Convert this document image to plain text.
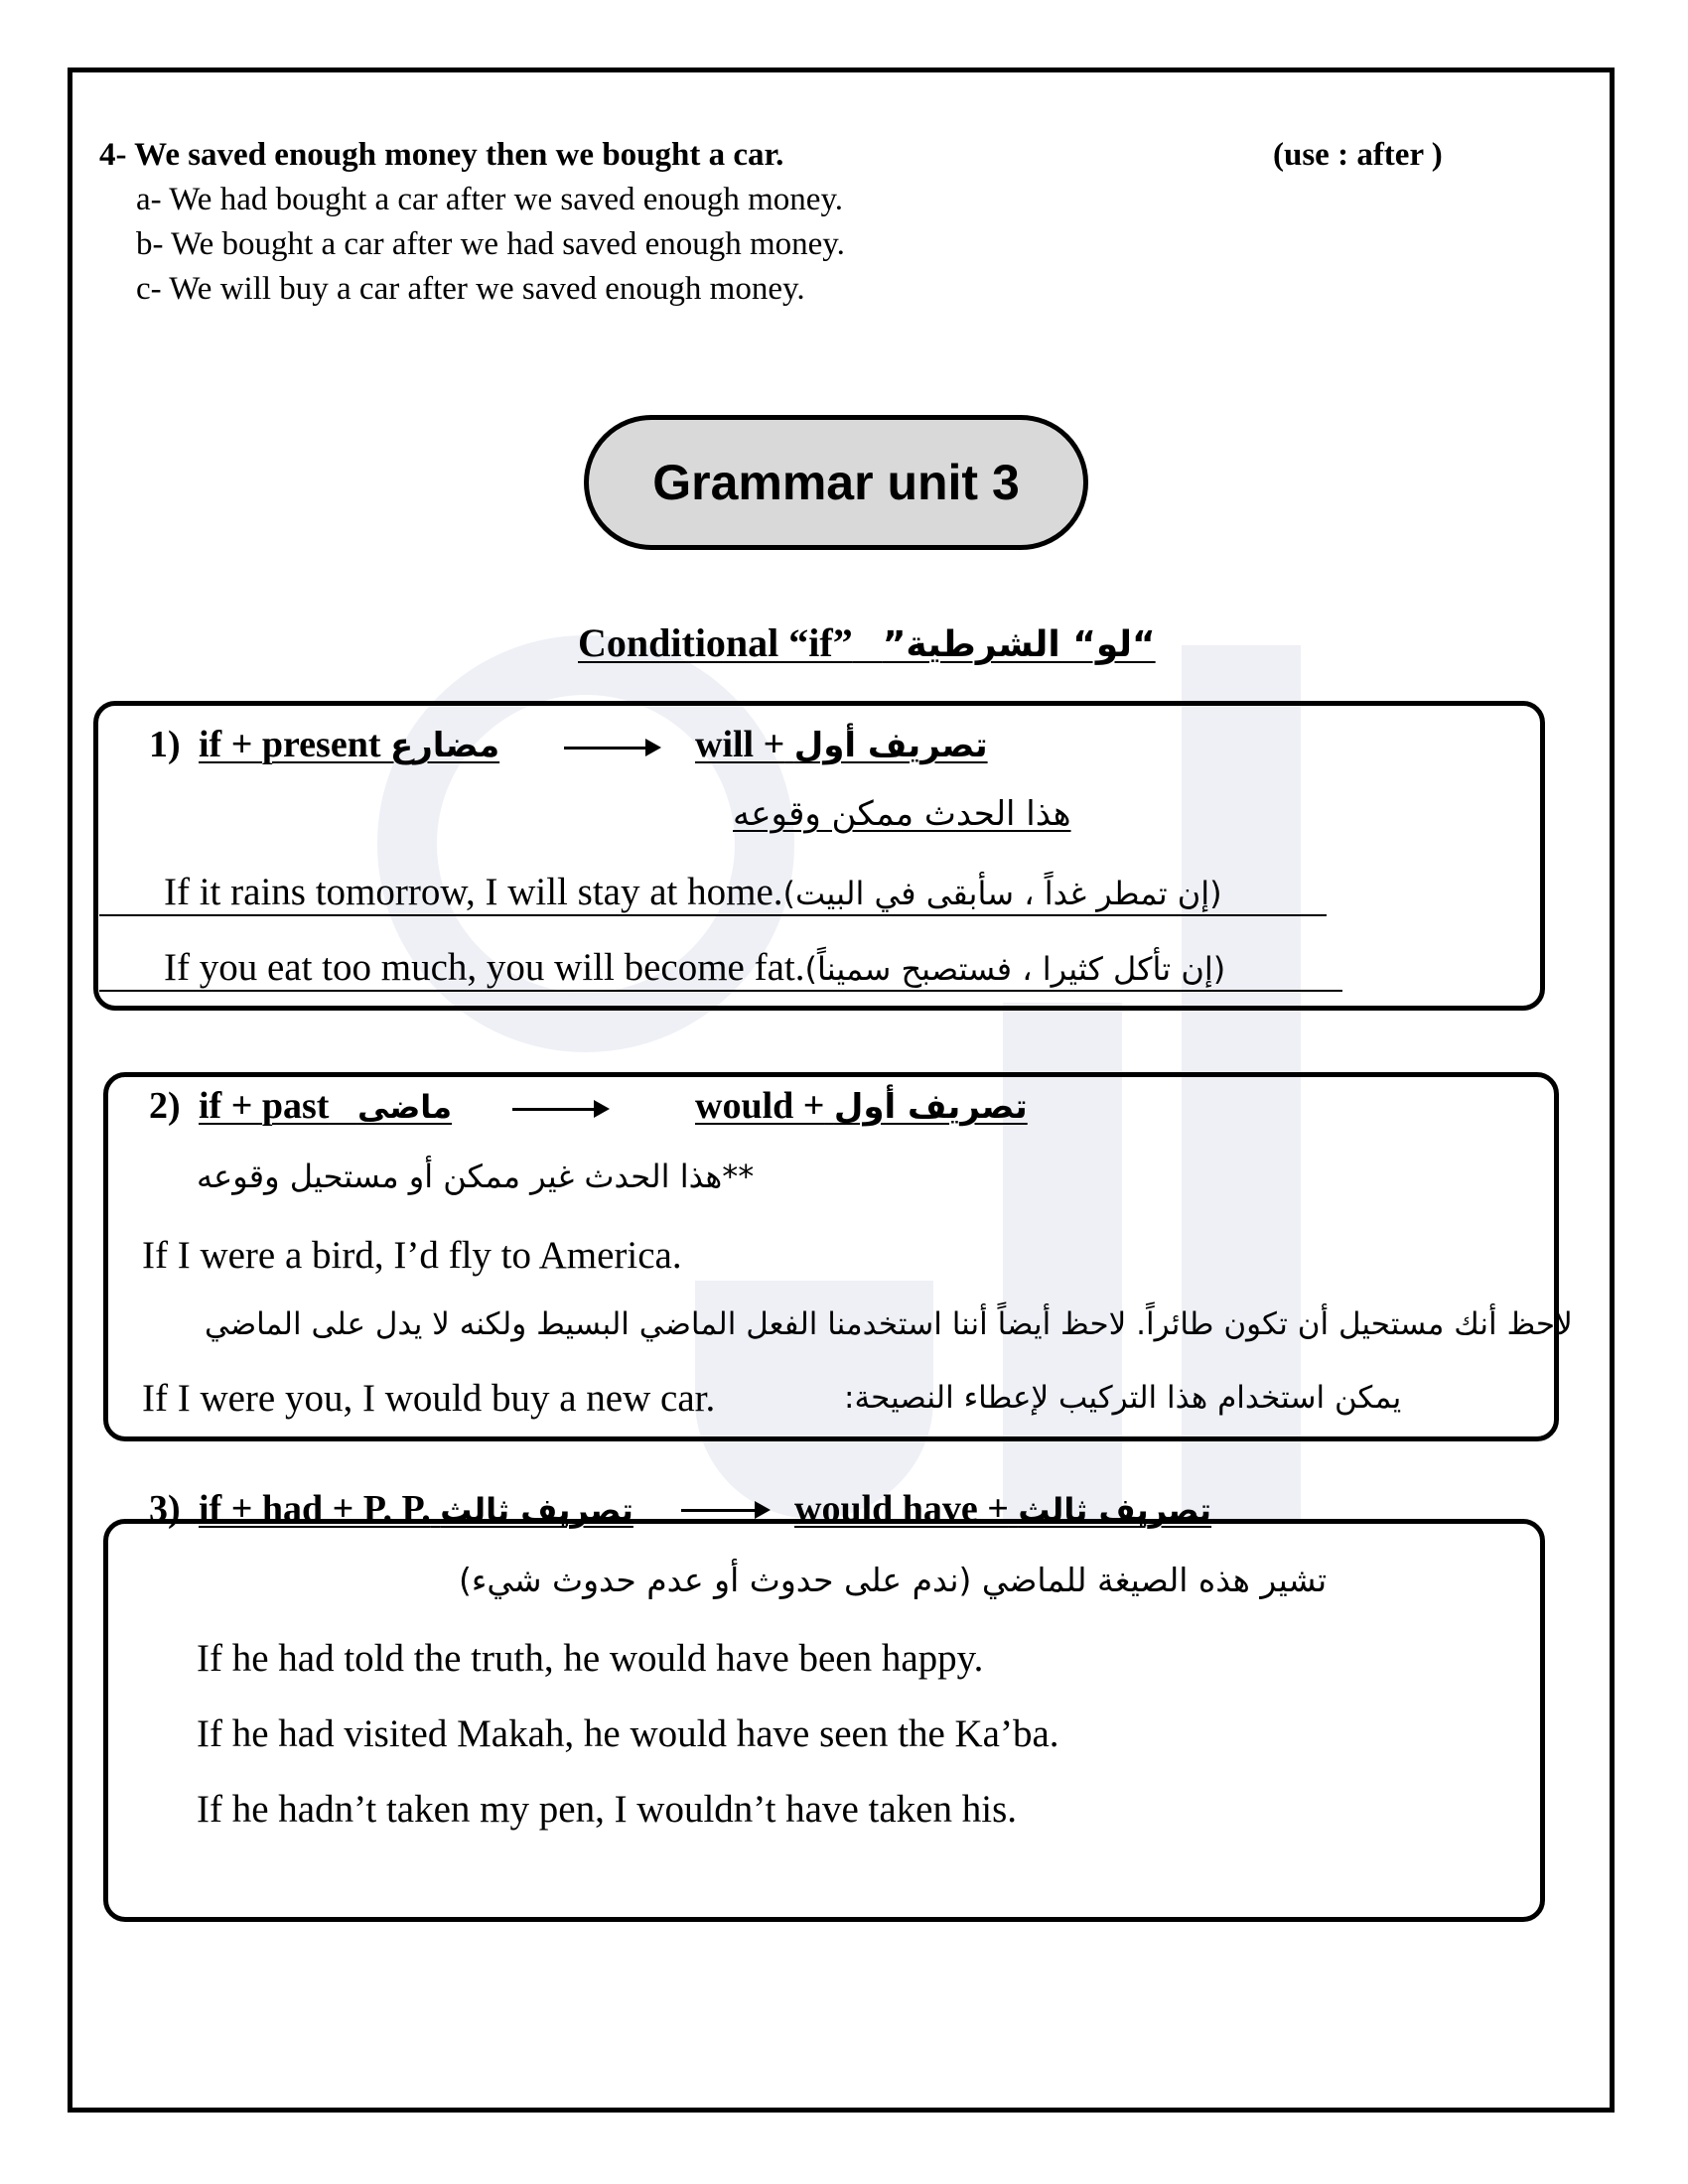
4- We saved enough money then we bought a car.	(use : after )
a- We had bought a car after we saved enough money.
b- We bought a car after we had saved enough money.
c- We will buy a car after we saved enough money.
Grammar unit 3
Conditional “if” “لو“ الشرطية”
1) if + present مضارع	will + تصريف أول
هذا الحدث ممكن وقوعه
If it rains tomorrow, I will stay at home.(إن تمطر غداً ، سأبقى في البيت)
If you eat too much, you will become fat.(إن تأكل كثيرا ، فستصبح سميناً)
2) if + past ماضى	would + تصريف أول
**هذا الحدث غير ممكن أو مستحيل وقوعه
If I were a bird, I’d fly to America.
لاحظ أنك مستحيل أن تكون طائراً. لاحظ أيضاً أننا استخدمنا الفعل الماضي البسيط ولكنه لا يدل على الماضي
If I were you, I would buy a new car.	يمكن استخدام هذا التركيب لإعطاء النصيحة:
3) if + had + P. P. تصريف ثالث	would have + تصريف ثالث
تشير هذه الصيغة للماضي (ندم على حدوث أو عدم حدوث شيء)
If he had told the truth, he would have been happy.
If he had visited Makah, he would have seen the Ka’ba.
If he hadn’t taken my pen, I wouldn’t have taken his.
